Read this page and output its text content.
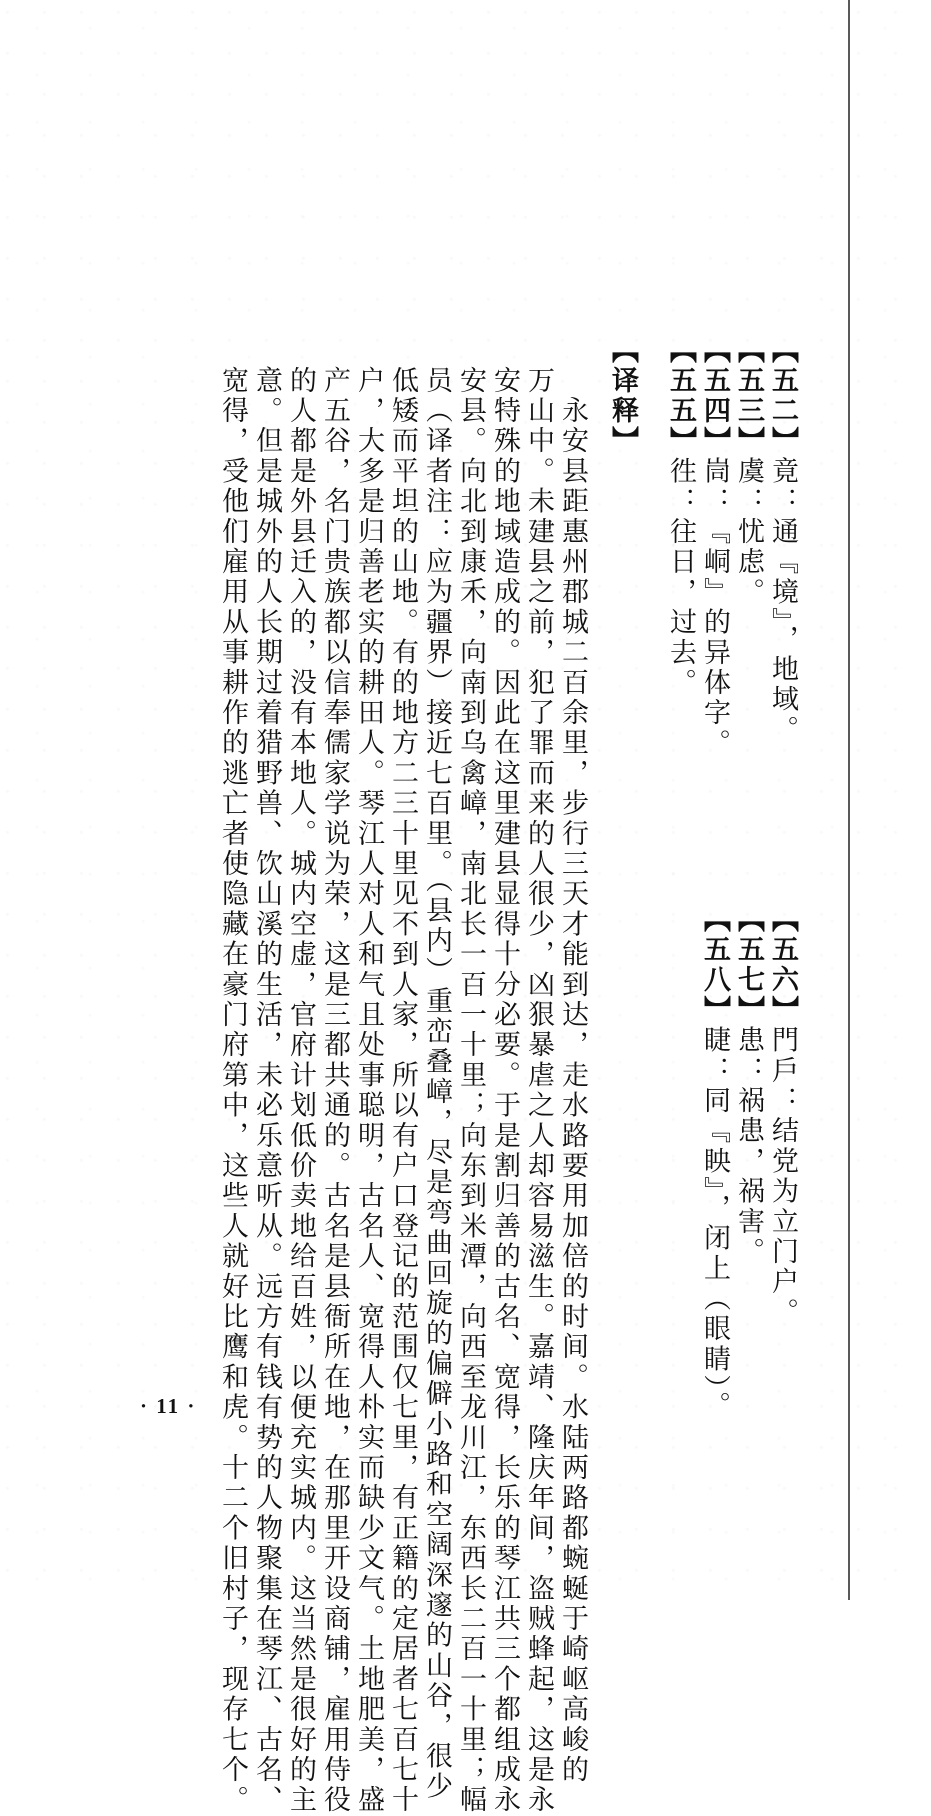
【五二】竟：通『境』，地域。
【五三】虞：忧虑。
【五四】峝：『峒』的异体字。
【五五】徃：往日，过去。
【五六】門戶：结党为立门户。
【五七】患：祸患，祸害。
【五八】睫：同『眏』，闭上（眼睛）。
【译释】
　永安县距惠州郡城二百余里，步行三天才能到达，走水路要用加倍的时间。水陆两路都蜿蜒于崎岖高峻的
万山中。未建县之前，犯了罪而来的人很少，凶狠暴虐之人却容易滋生。嘉靖、隆庆年间，盗贼蜂起，这是永
安特殊的地域造成的。因此在这里建县显得十分必要。于是割归善的古名、宽得，长乐的琴江共三个都组成永
安县。向北到康禾，向南到乌禽嶂，南北长一百一十里；向东到米潭，向西至龙川江，东西长二百一十里；幅
员（译者注：应为疆界）接近七百里。（县内）重峦叠嶂，尽是弯曲回旋的偏僻小路和空阔深邃的山谷，很少
低矮而平坦的山地。有的地方二三十里见不到人家，所以有户口登记的范围仅七里，有正籍的定居者七百七十
户，大多是归善老实的耕田人。琴江人对人和气且处事聪明，古名人、宽得人朴实而缺少文气。土地肥美，盛
产五谷，名门贵族都以信奉儒家学说为荣，这是三都共通的。古名是县衙所在地，在那里开设商铺，雇用侍役
的人都是外县迁入的，没有本地人。城内空虚，官府计划低价卖地给百姓，以便充实城内。这当然是很好的主
意。但是城外的人长期过着猎野兽、饮山溪的生活，未必乐意听从。远方有钱有势的人物聚集在琴江、古名、
宽得，受他们雇用从事耕作的逃亡者使隐藏在豪门府第中，这些人就好比鹰和虎。十二个旧村子，现存七个。
· 11 ·
